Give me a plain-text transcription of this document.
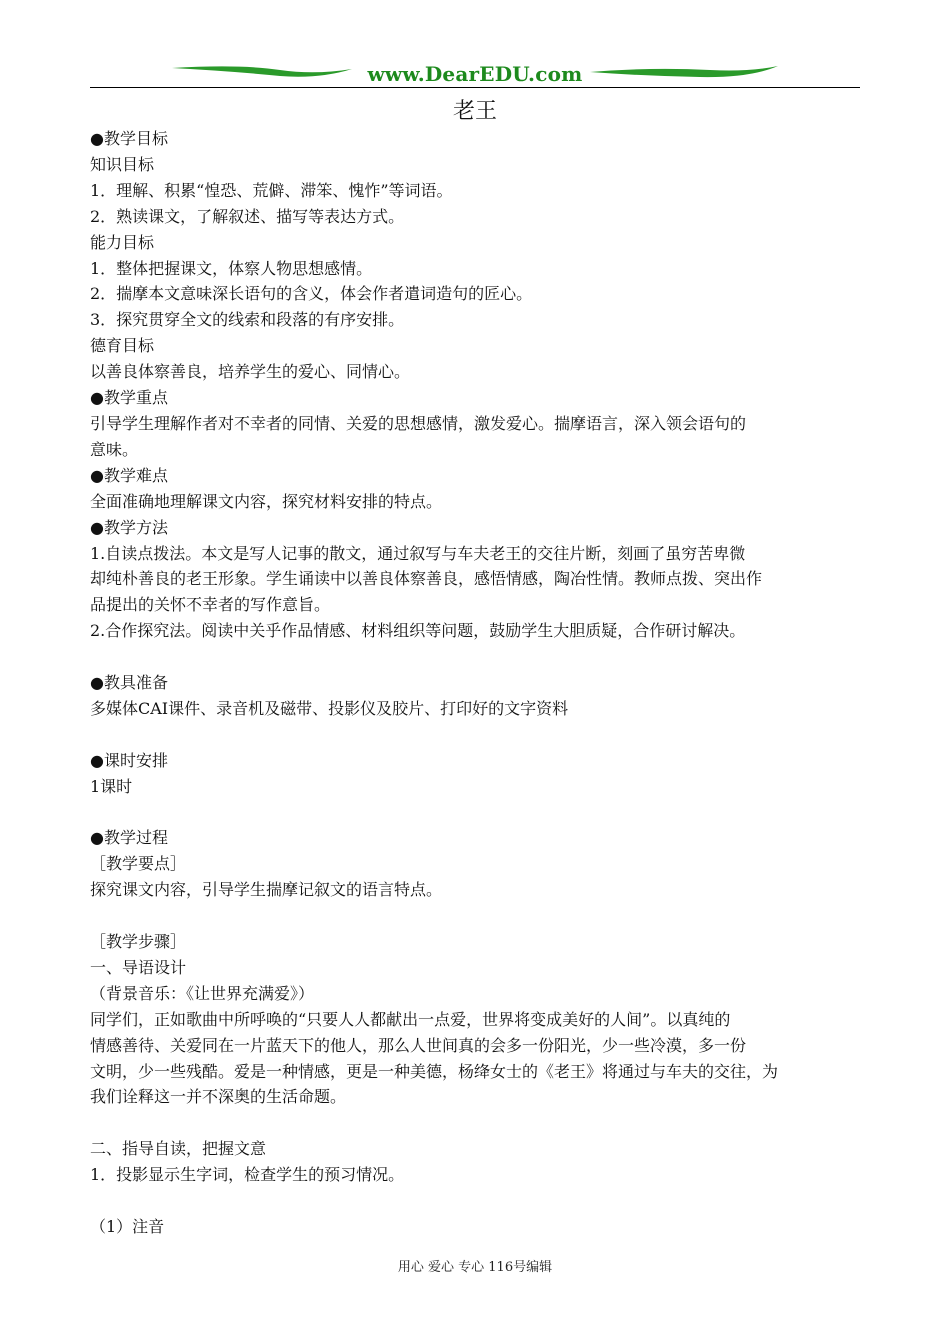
www.DearEDU.com
老王
●教学目标
知识目标
1．理解、积累“惶恐、荒僻、滞笨、愧怍”等词语。
2．熟读课文，了解叙述、描写等表达方式。
能力目标
1．整体把握课文，体察人物思想感情。
2．揣摩本文意味深长语句的含义，体会作者遣词造句的匠心。
3．探究贯穿全文的线索和段落的有序安排。
德育目标
以善良体察善良，培养学生的爱心、同情心。
●教学重点
引导学生理解作者对不幸者的同情、关爱的思想感情，激发爱心。揣摩语言，深入领会语句的
意味。
●教学难点
全面准确地理解课文内容，探究材料安排的特点。
●教学方法
1.自读点拨法。本文是写人记事的散文，通过叙写与车夫老王的交往片断，刻画了虽穷苦卑微
却纯朴善良的老王形象。学生诵读中以善良体察善良，感悟情感，陶冶性情。教师点拨、突出作
品提出的关怀不幸者的写作意旨。
2.合作探究法。阅读中关乎作品情感、材料组织等问题，鼓励学生大胆质疑，合作研讨解决。
●教具准备
多媒体CAI课件、录音机及磁带、投影仪及胶片、打印好的文字资料
●课时安排
1课时
●教学过程
［教学要点］
探究课文内容，引导学生揣摩记叙文的语言特点。
［教学步骤］
一、导语设计
（背景音乐：《让世界充满爱》）
同学们，正如歌曲中所呼唤的“只要人人都献出一点爱，世界将变成美好的人间”。以真纯的
情感善待、关爱同在一片蓝天下的他人，那么人世间真的会多一份阳光，少一些冷漠，多一份
文明，少一些残酷。爱是一种情感，更是一种美德，杨绛女士的《老王》将通过与车夫的交往，为
我们诠释这一并不深奥的生活命题。
二、指导自读，把握文意
1．投影显示生字词，检查学生的预习情况。
（1）注音
用心 爱心 专心 116号编辑
